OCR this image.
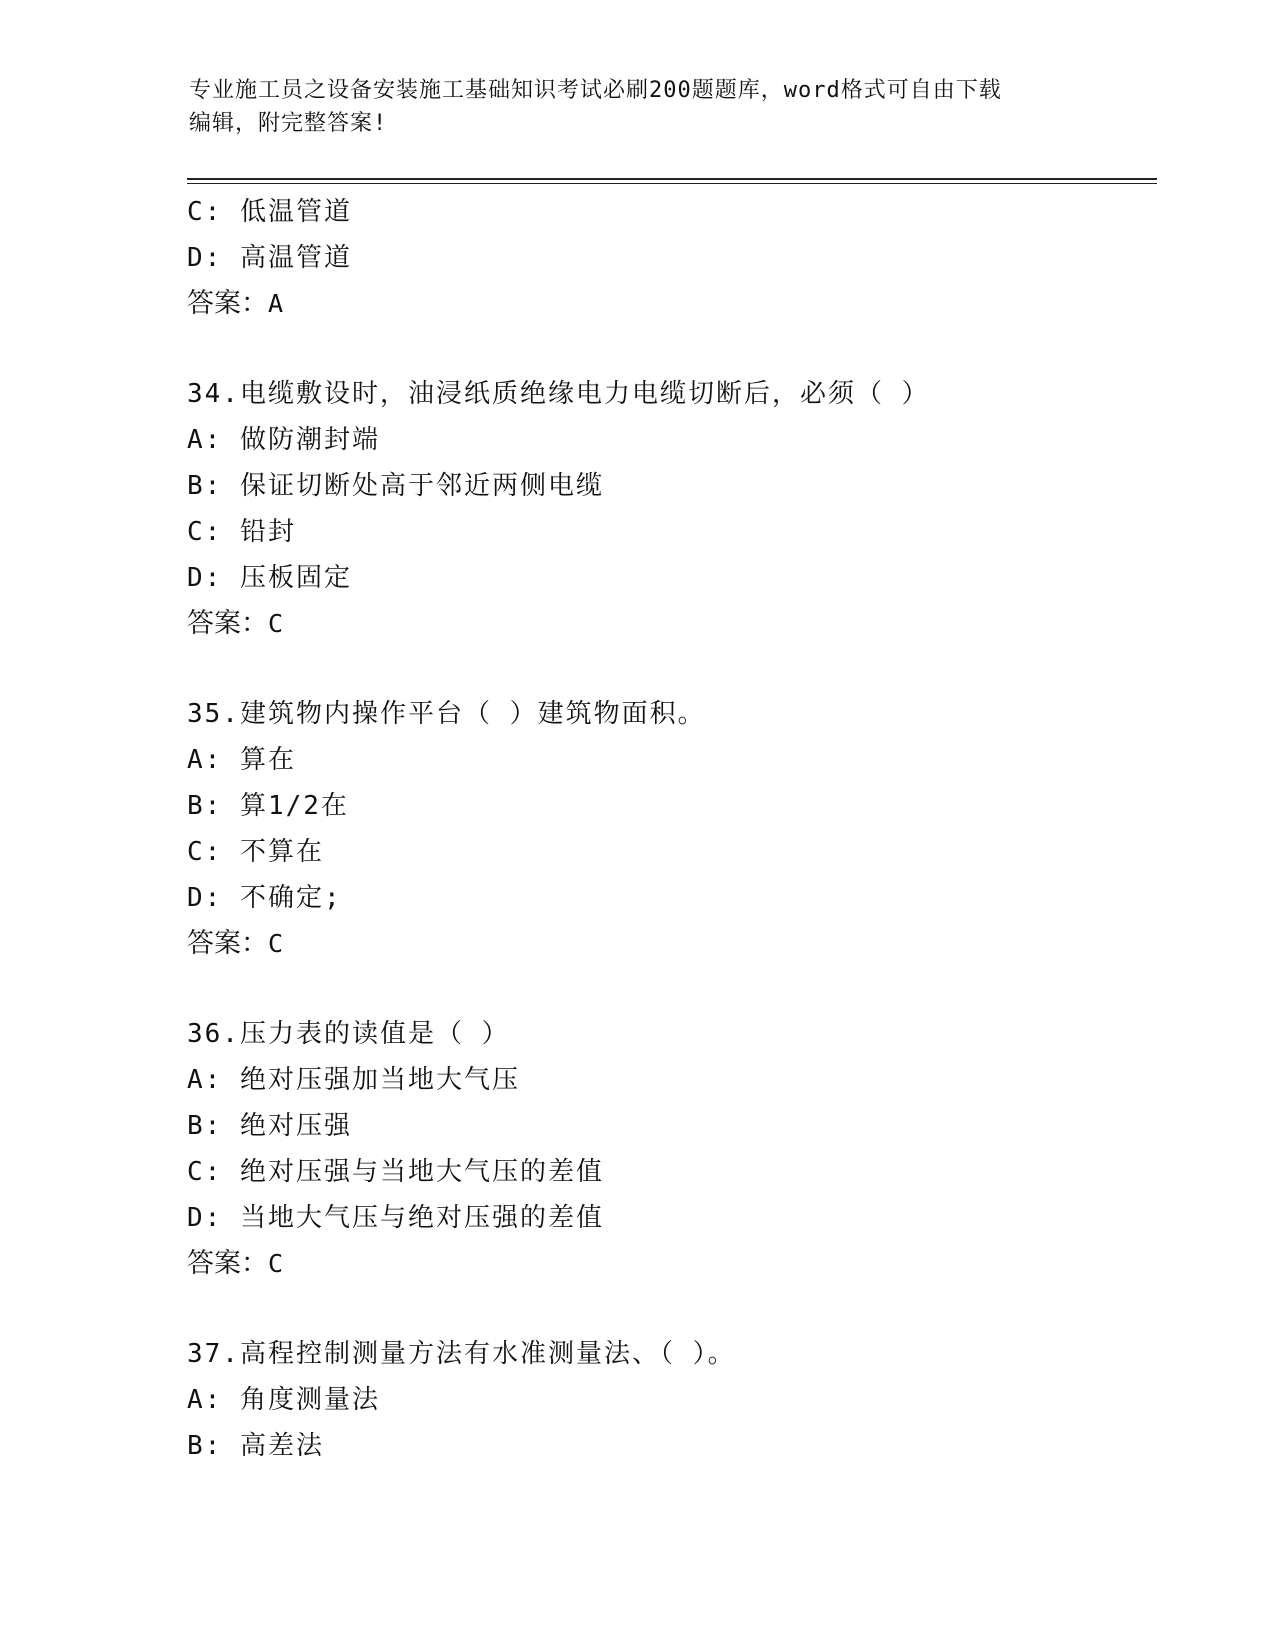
专业施工员之设备安装施工基础知识考试必刷200题题库，word格式可自由下载
编辑，附完整答案!
C: 低温管道
D: 高温管道
答案：A
34.电缆敷设时，油浸纸质绝缘电力电缆切断后，必须（ ）
A: 做防潮封端
B: 保证切断处高于邻近两侧电缆
C: 铅封
D: 压板固定
答案：C
35.建筑物内操作平台（ ）建筑物面积。
A: 算在
B: 算1/2在
C: 不算在
D: 不确定;
答案：C
36.压力表的读值是（ ）
A: 绝对压强加当地大气压
B: 绝对压强
C: 绝对压强与当地大气压的差值
D: 当地大气压与绝对压强的差值
答案：C
37.高程控制测量方法有水准测量法、（ ）。
A: 角度测量法
B: 高差法
